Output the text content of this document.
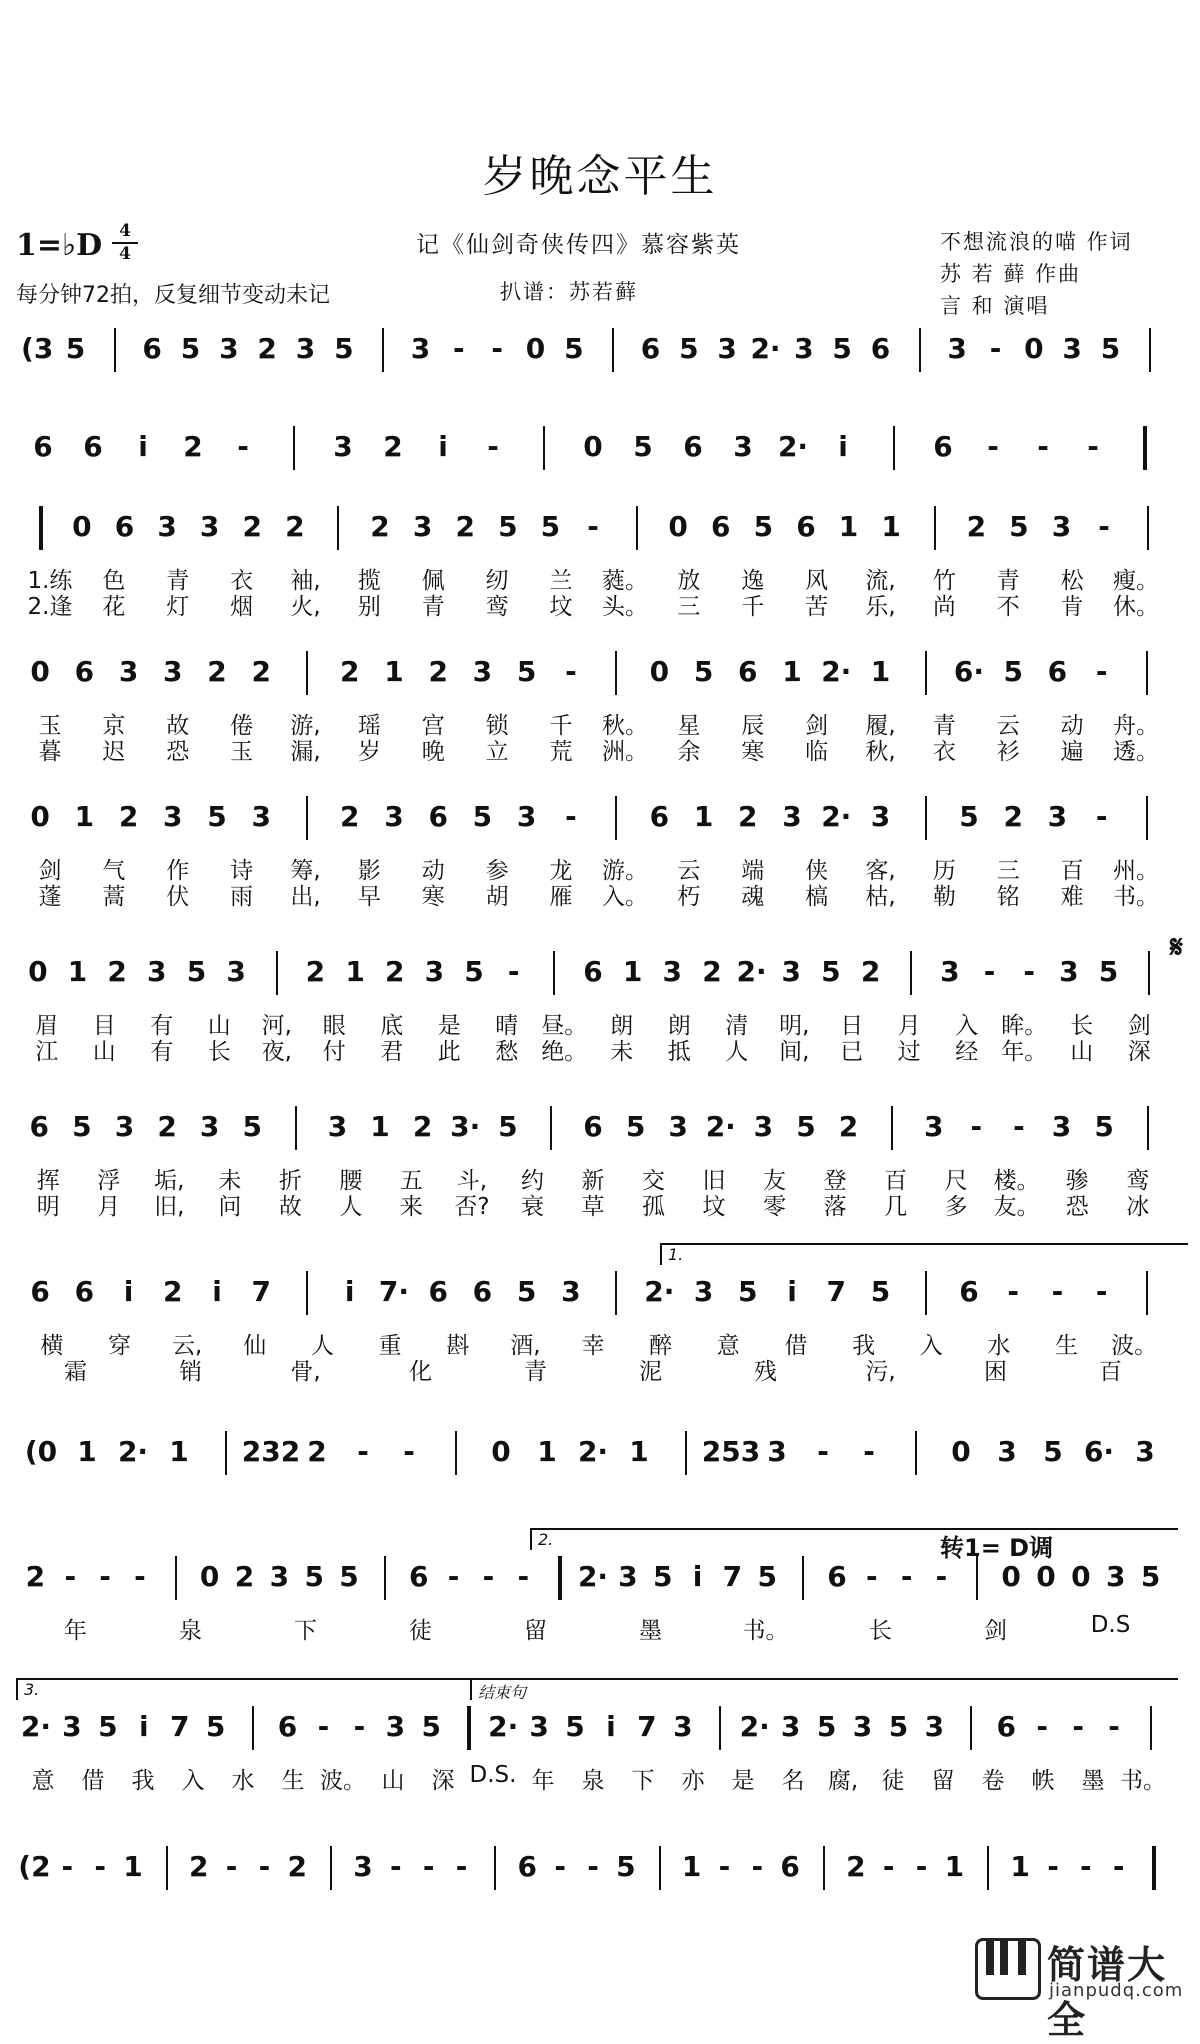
岁晚念平生
1=♭D 4
4
每分钟72拍，反复细节变动未记
记《仙剑奇侠传四》慕容紫英
扒谱：苏若藓
不想流浪的喵 作词
苏 若 藓 作曲
言 和 演唱
(3 5 6 5 3 2 3 5 3 - - 0 5 6 5 3 2· 3 5 6 3 - 0 3 5
6 6 i 2 -	3 2 i -	0 5 6 3 2· i	6 - - -
0 6 3 3 2 2 2 3 2 5 5 - 0 6 5 6 1 1 2 5 3 -
1.练 色 青 衣 袖, 揽 佩 纫 兰 蕤。 放 逸 风 流, 竹 青 松 瘦。
2.逢 花 灯 烟 火, 别 青 鸾 坟 头。 三 千 苦 乐, 尚 不 肯 休。
0 6 3 3 2 2 2 1 2 3 5 -	0 5 6 1 2· 1 6· 5 6 -
玉 京 故 倦 游, 瑶 宫 锁 千 秋。 星 辰 剑 履, 青 云 动 舟。
暮 迟 恐 玉 漏, 岁 晚 立 荒 洲。 余 寒 临 秋, 衣 衫 遍 透。
0 1 2 3 5 3 2 3 6 5 3 -	6 1 2 3 2· 3 5 2 3 -
剑 气 作 诗 筹, 影 动 参 龙 游。 云 端 侠 客, 历 三 百 州。
蓬 蒿 伏 雨 出, 早 寒 胡 雁 入。 朽 魂 槁 枯, 勒 铭 难 书。
0 1 2 3 5 3 2 1 2 3 5 - 6 1 3 2 2· 3 5 2 3 - - 3 5
眉 目 有 山 河, 眼 底 是 晴 昼。 朗 朗 清 明, 日 月 入 眸。 长 剑
江 山 有 长 夜, 付 君 此 愁 绝。 未 抵 人 间, 已 过 经 年。 山 深
6 5 3 2 3 5 3 1 2 3· 5 6 5 3 2· 3 5 2 3 - - 3 5
挥 浮 垢, 未 折 腰 五 斗, 约 新 交 旧 友 登 百 尺 楼。 骖 鸾
明 月 旧, 问 故 人 来 否? 衰 草 孤 坟 零 落 几 多 友。 恐 冰
6 6 i 2 i 7	i 7· 6 6 5 3 2· 3 5 i 7 5 6 - - -
横 穿 云, 仙 人 重 斟 酒, 幸 醉 意 借 我 入 水 生 波。
霜	销	骨,	化	青	泥	残	污,	困	百
(0 1 2· 1 232 2 - -	0 1 2· 1 253 3 - -	0 3 5 6· 3
2 - - - 0 2 3 5 5 6 - - - 2· 3 5 i 7 5 6 - - - 0 0 0 3 5
年	泉	下	徒	留	墨	书。	长	剑	D.S
2· 3 5 i 7 5 6 - - 3 5 2· 3 5 i 7 3 2· 3 5 3 5 3 6 - - -
意 借 我 入 水 生 波。 山 深 D.S. 年 泉 下 亦 是 名 腐, 徒 留 卷 帙 墨 书。
(2 - - 1 2 - - 2 3 - - - 6 - - 5 1 - - 6 2 - - 1 1 - - -
𝄋
转1= D调
简谱大全
jianpudq.com
1.
2.
3.	结束句
